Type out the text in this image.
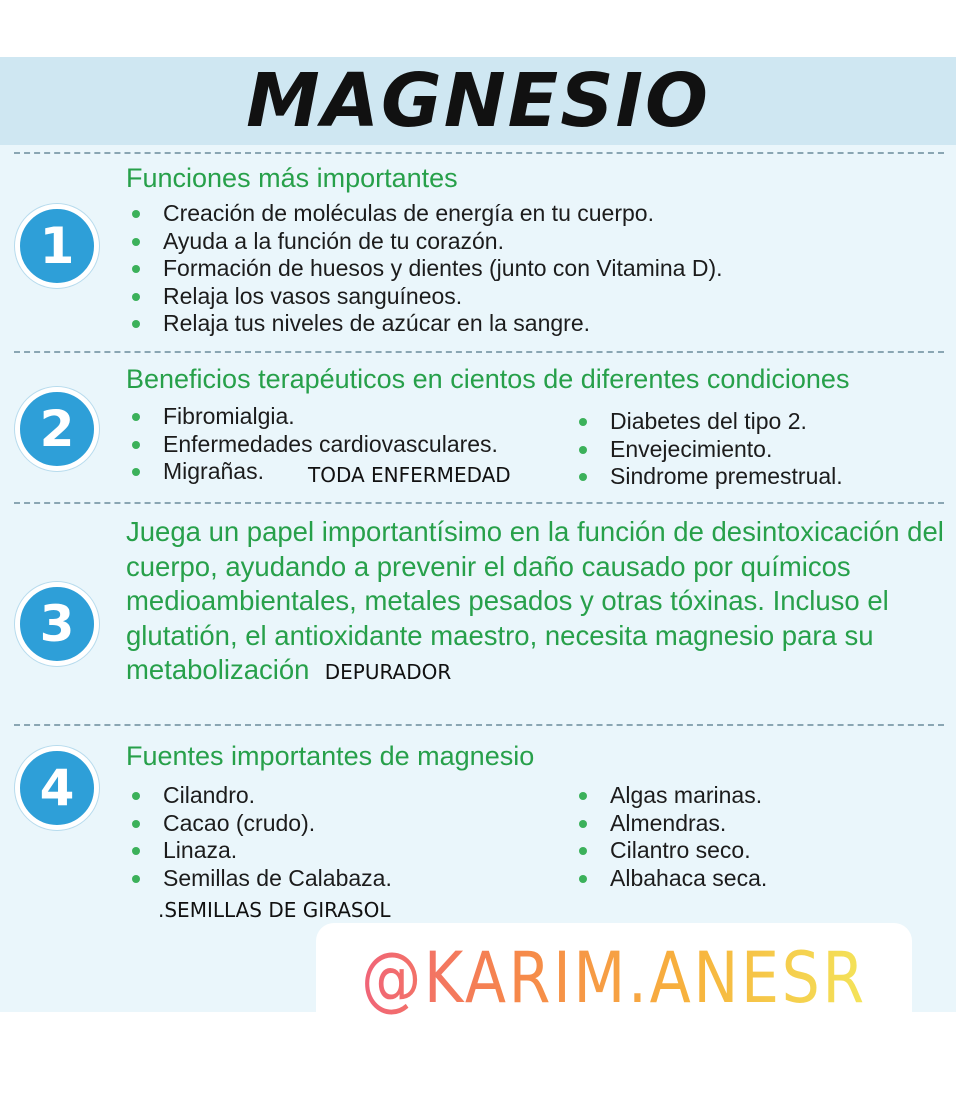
MAGNESIO
1
Funciones más importantes
Creación de moléculas de energía en tu cuerpo.
Ayuda a la función de tu corazón.
Formación de huesos y dientes (junto con Vitamina D).
Relaja los vasos sanguíneos.
Relaja tus niveles de azúcar en la sangre.
2
Beneficios terapéuticos en cientos de diferentes condiciones
Fibromialgia.
Enfermedades cardiovasculares.
Migrañas.
Diabetes del tipo 2.
Envejecimiento.
Sindrome premestrual.
TODA ENFERMEDAD
3

Juega un papel importantísimo en la función de desintoxicación del cuerpo, ayudando a prevenir el daño causado por químicos medioambientales, metales pesados y otras tóxinas. Incluso el glutatión, el antioxidante maestro, necesita magnesio para su metabolización DEPURADOR

4
Fuentes importantes de magnesio
Cilandro.
Cacao (crudo).
Linaza.
Semillas de Calabaza.
Algas marinas.
Almendras.
Cilantro seco.
Albahaca seca.
.SEMILLAS DE GIRASOL
@KARIM.ANESR
